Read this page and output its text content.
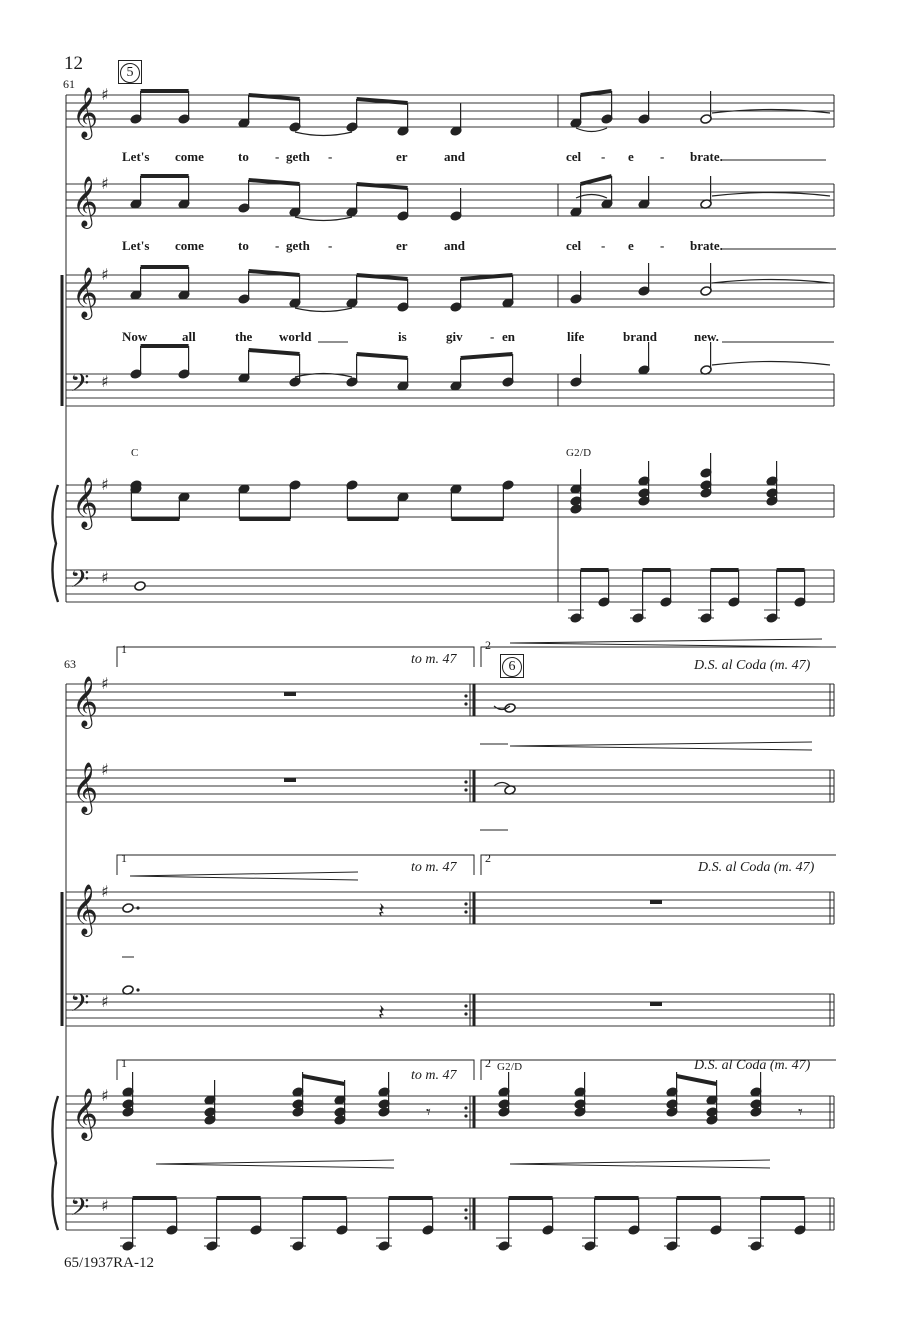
𝄞 ♯
𝄞 ♯
𝄞 ♯
𝄢 ♯
𝄞 ♯
𝄢 ♯
𝄞 ♯
𝄞 ♯
𝄞 ♯
𝄢 ♯
𝄞 ♯
𝄢 ♯
𝄽
𝄽
𝄾	𝄾
12	5
61
Let's come	to - geth -	er	and	cel - e - brate.
Let's come	to - geth -	er	and	cel - e - brate.
Now	all	the world	is	giv - en	life	brand	new.
C	G2/D
63
1	2
6
to m. 47	D.S. al Coda (m. 47)
1	2
to m. 47	D.S. al Coda (m. 47)
1	2 G2/D
to m. 47
D.S. al Coda (m. 47)
65/1937RA-12
